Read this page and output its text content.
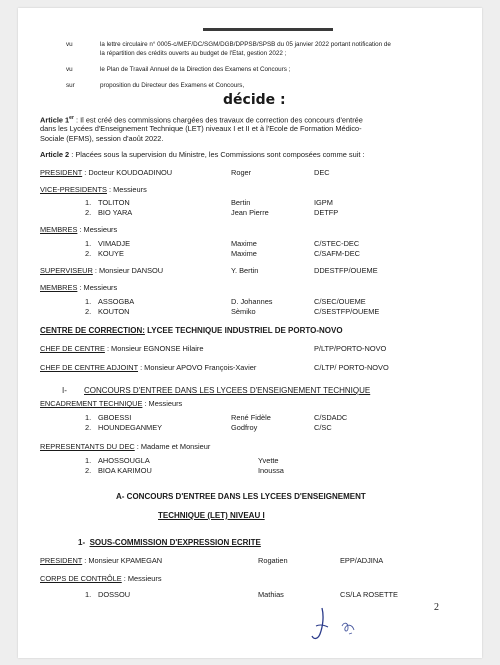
vu	la lettre circulaire n° 0005-c/MEF/DC/SGM/DGB/DPPSB/SPSB du 05 janvier 2022 portant notification de
la répartition des crédits ouverts au budget de l'Etat, gestion 2022 ;
vu	le Plan de Travail Annuel de la Direction des Examens et Concours ;
sur	proposition du Directeur des Examens et Concours,
décide :
Article 1er : Il est créé des commissions chargées des travaux de correction des concours d'entrée
dans les Lycées d'Enseignement Technique (LET) niveaux I et II et à l'Ecole de Formation Médico-
Sociale (EFMS), session d'août 2022.
Article 2 : Placées sous la supervision du Ministre, les Commissions sont composées comme suit :
PRESIDENT : Docteur KOUDOADINOU	Roger	DEC
VICE-PRESIDENTS : Messieurs
1. TOLITON	Bertin	IGPM
2. BIO YARA	Jean Pierre	DETFP
MEMBRES : Messieurs
1. VIMADJE	Maxime	C/STEC-DEC
2. KOUYE	Maxime	C/SAFM-DEC
SUPERVISEUR : Monsieur DANSOU	Y. Bertin	DDESTFP/OUEME
MEMBRES : Messieurs
1. ASSOGBA	D. Johannes	C/SEC/OUEME
2. KOUTON	Sèmiko	C/SESTFP/OUEME
CENTRE DE CORRECTION: LYCEE TECHNIQUE INDUSTRIEL DE PORTO-NOVO
CHEF DE CENTRE : Monsieur EGNONSE Hilaire	P/LTP/PORTO-NOVO
CHEF DE CENTRE ADJOINT : Monsieur APOVO François-Xavier	C/LTP/ PORTO-NOVO
I- CONCOURS D'ENTREE DANS LES LYCEES D'ENSEIGNEMENT TECHNIQUE
ENCADREMENT TECHNIQUE : Messieurs
1. GBOESSI	René Fidèle	C/SDADC
2. HOUNDEGANMEY	Godfroy	C/SC
REPRESENTANTS DU DEC : Madame et Monsieur
1. AHOSSOUGLA	Yvette
2. BIOA KARIMOU	Inoussa
A- CONCOURS D'ENTREE DANS LES LYCEES D'ENSEIGNEMENT
TECHNIQUE (LET) NIVEAU I
1- SOUS-COMMISSION D'EXPRESSION ECRITE
PRESIDENT : Monsieur KPAMEGAN	Rogatien	EPP/ADJINA
CORPS DE CONTRÔLE : Messieurs
1. DOSSOU	Mathias	CS/LA ROSETTE
2
